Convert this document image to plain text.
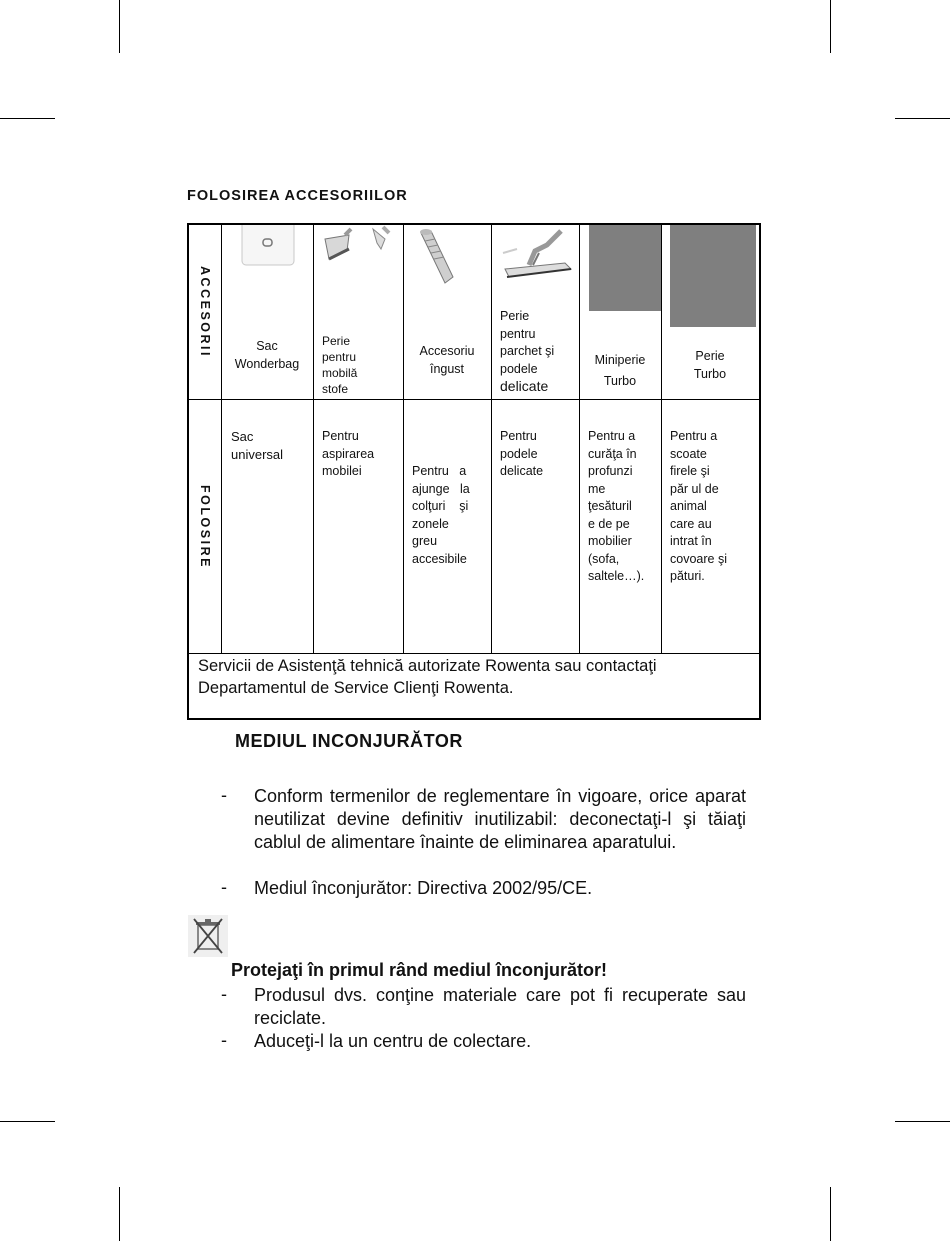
FOLOSIREA ACCESORIILOR
ACCESORII
FOLOSIRE
Sac
Wonderbag
Perie
pentru
mobilă
stofe
Accesoriu
îngust
Perie
pentru
parchet şi
podele
delicate
Miniperie
Turbo
Perie
Turbo
Sac
universal
Pentru
aspirarea
mobilei

	Pentru   a
ajunge   la
colţuri    şi
zonele
greu
accesibile

Pentru
podele
delicate
Pentru a
curăţa în
profunzi
me
ţesăturil
e de pe
mobilier
(sofa,
saltele…).
Pentru a
scoate
firele şi
păr ul de
animal
care au
intrat în
covoare şi
pături.
Servicii de Asistenţă tehnică autorizate Rowenta sau contactaţi
Departamentul de Service Clienţi Rowenta.
MEDIUL INCONJURĂTOR
- Conform termenilor de reglementare în vigoare, orice aparat neutilizat devine definitiv inutilizabil: deconectaţi-l şi tăiaţi cablul de alimentare înainte de eliminarea aparatului.
- Mediul înconjurător: Directiva 2002/95/CE.
Protejaţi în primul rând mediul înconjurător!
- Produsul dvs. conţine materiale care pot fi recuperate sau reciclate.
- Aduceţi-l la un centru de colectare.
